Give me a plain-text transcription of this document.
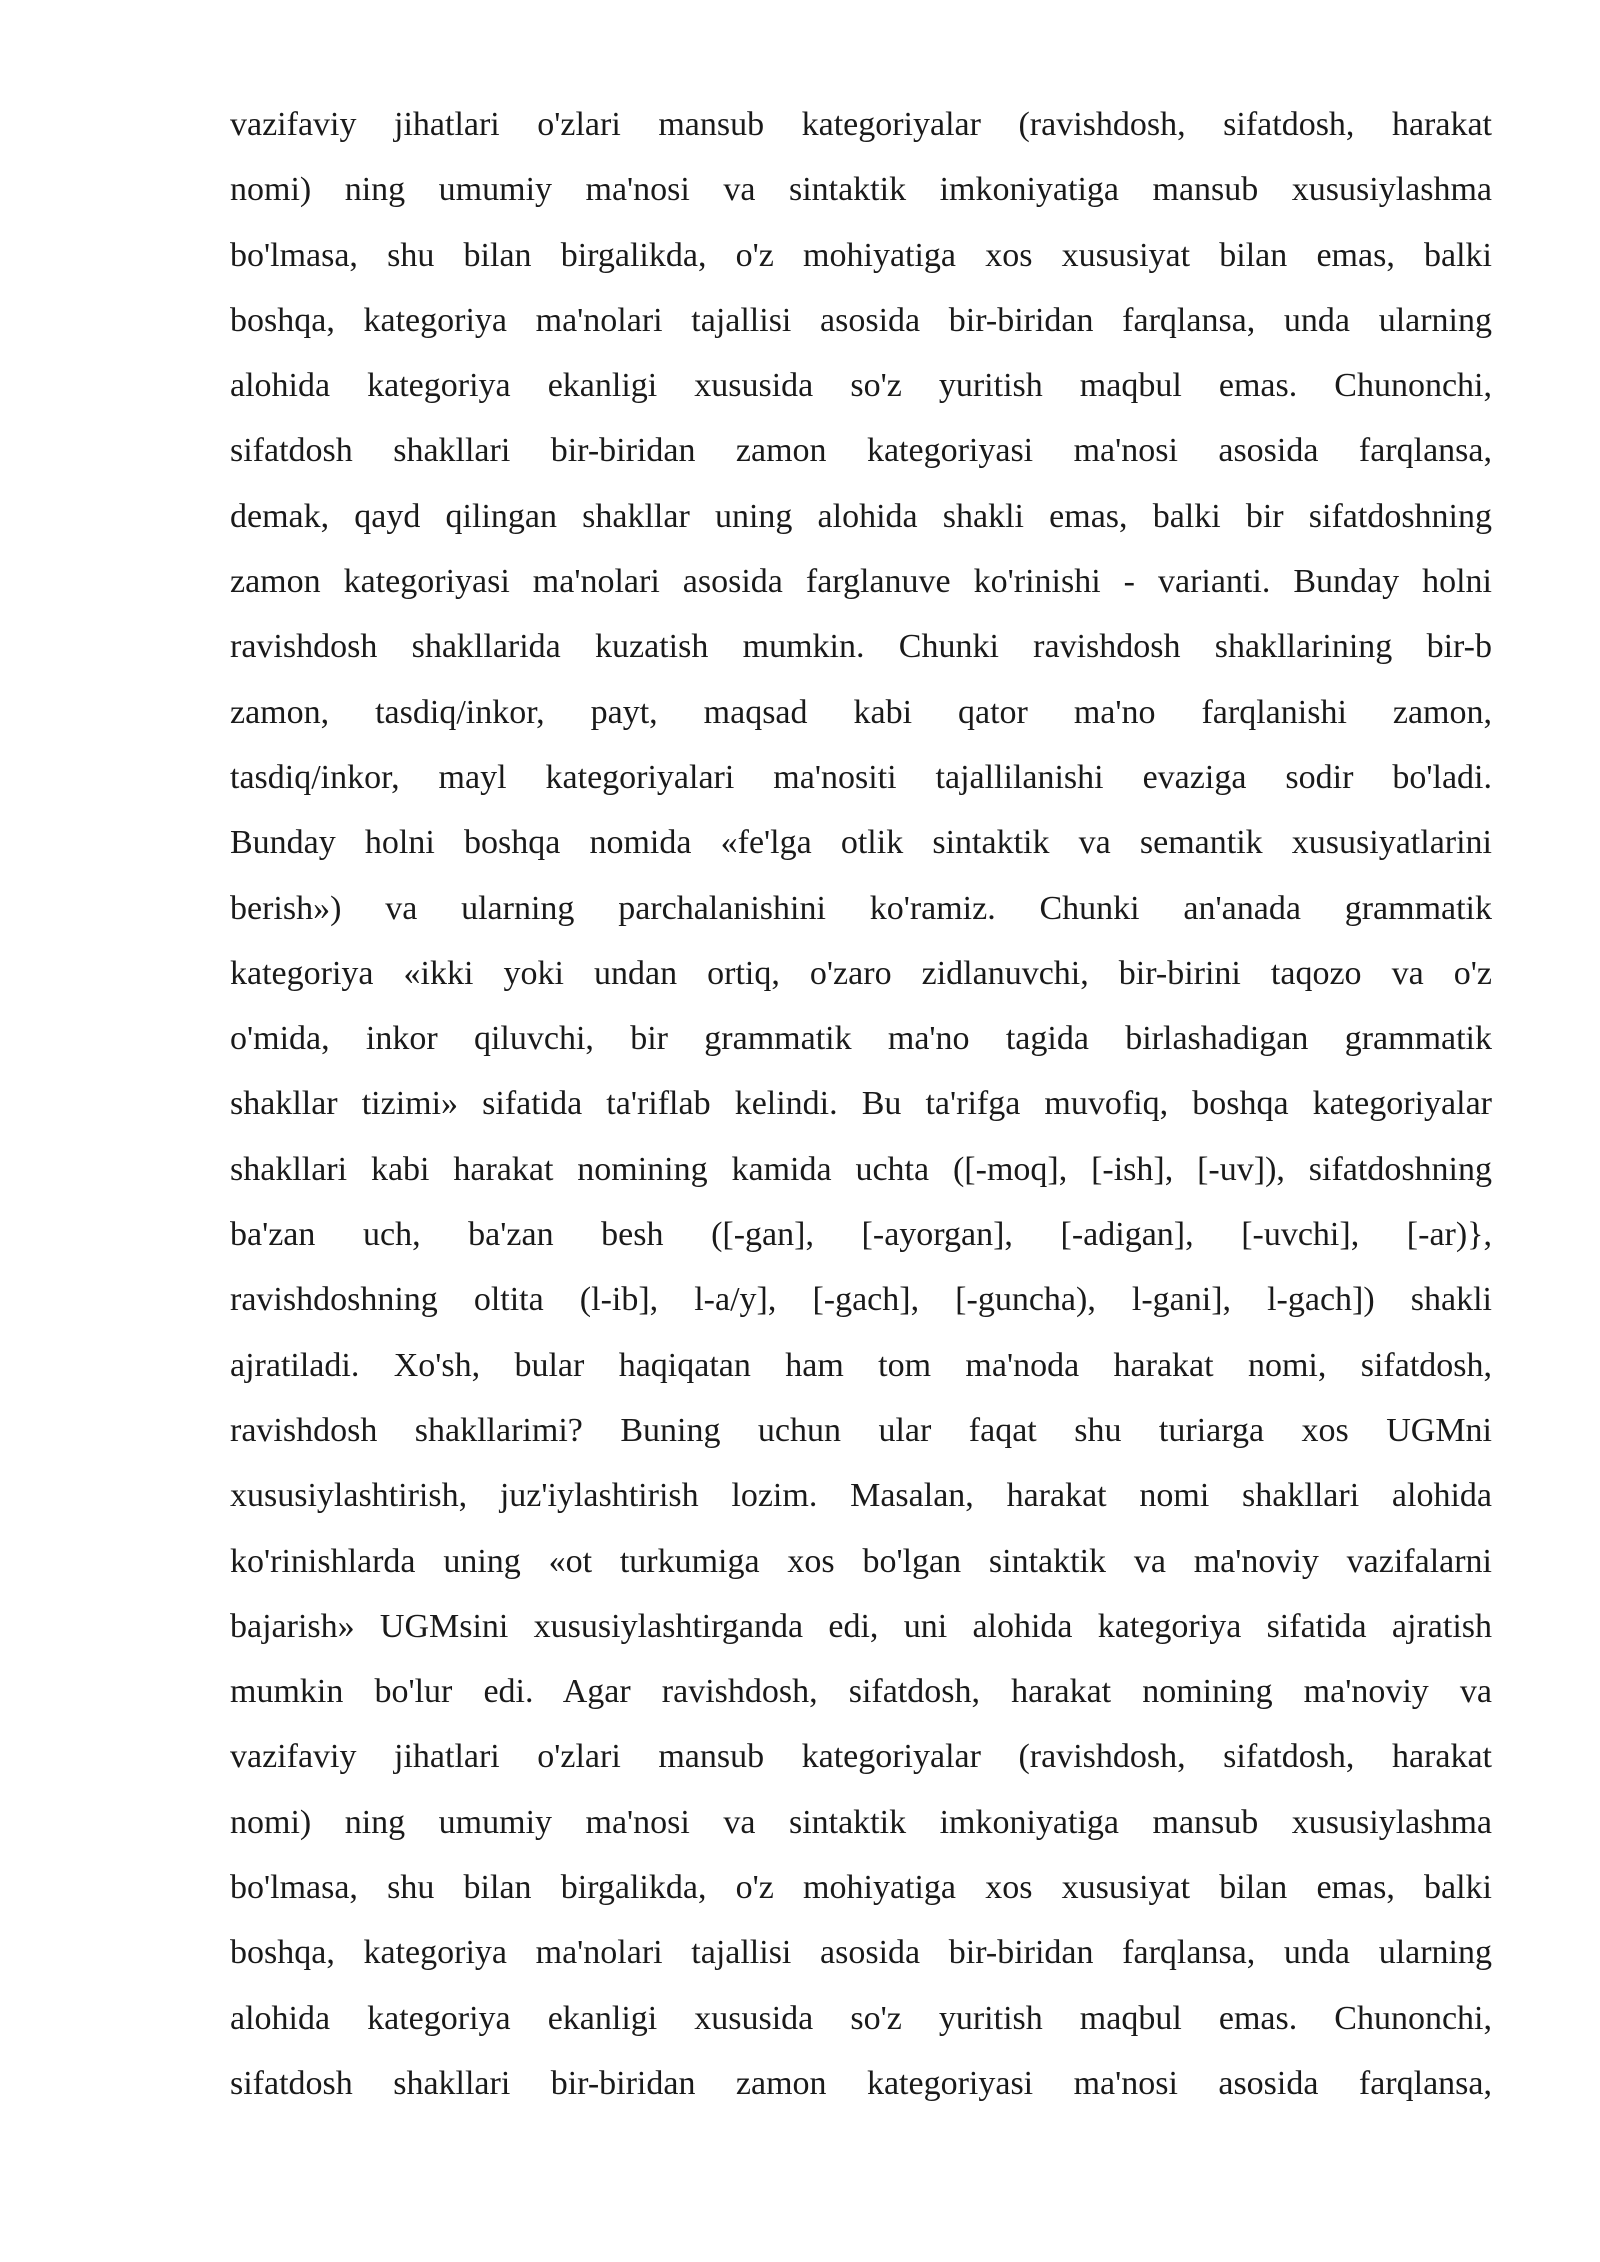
vazifaviy jihatlari o'zlari mansub kategoriyalar (ravishdosh, sifatdosh, harakat
nomi) ning umumiy ma'nosi va sintaktik imkoniyatiga mansub xususiylashma
bo'lmasa, shu bilan birgalikda, o'z mohiyatiga xos xususiyat bilan emas, balki
boshqa, kategoriya ma'nolari tajallisi asosida bir-biridan farqlansa, unda ularning
alohida kategoriya ekanligi xususida so'z yuritish maqbul emas. Chunonchi,
sifatdosh shakllari bir-biridan zamon kategoriyasi ma'nosi asosida farqlansa,
demak, qayd qilingan shakllar uning alohida shakli emas, balki bir sifatdoshning
zamon kategoriyasi ma'nolari asosida farglanuve ko'rinishi - varianti. Bunday holni
ravishdosh shakllarida kuzatish mumkin. Chunki ravishdosh shakllarining bir-b
zamon, tasdiq/inkor, payt, maqsad kabi qator ma'no farqlanishi zamon,
tasdiq/inkor, mayl kategoriyalari ma'nositi tajallilanishi evaziga sodir bo'ladi.
Bunday holni boshqa nomida «fe'lga otlik sintaktik va semantik xususiyatlarini
berish») va ularning parchalanishini ko'ramiz. Chunki an'anada grammatik
kategoriya «ikki yoki undan ortiq, o'zaro zidlanuvchi, bir-birini taqozo va o'z
o'mida, inkor qiluvchi, bir grammatik ma'no tagida birlashadigan grammatik
shakllar tizimi» sifatida ta'riflab kelindi. Bu ta'rifga muvofiq, boshqa kategoriyalar
shakllari kabi harakat nomining kamida uchta ([-moq], [-ish], [-uv]), sifatdoshning
ba'zan uch, ba'zan besh ([-gan], [-ayorgan], [-adigan], [-uvchi], [-ar)},
ravishdoshning oltita (l-ib], l-a/y], [-gach], [-guncha), l-gani], l-gach]) shakli
ajratiladi. Xo'sh, bular haqiqatan ham tom ma'noda harakat nomi, sifatdosh,
ravishdosh shakllarimi? Buning uchun ular faqat shu turiarga xos UGMni
xususiylashtirish, juz'iylashtirish lozim. Masalan, harakat nomi shakllari alohida
ko'rinishlarda uning «ot turkumiga xos bo'lgan sintaktik va ma'noviy vazifalarni
bajarish» UGMsini xususiylashtirganda edi, uni alohida kategoriya sifatida ajratish
mumkin bo'lur edi. Agar ravishdosh, sifatdosh, harakat nomining ma'noviy va
vazifaviy jihatlari o'zlari mansub kategoriyalar (ravishdosh, sifatdosh, harakat
nomi) ning umumiy ma'nosi va sintaktik imkoniyatiga mansub xususiylashma
bo'lmasa, shu bilan birgalikda, o'z mohiyatiga xos xususiyat bilan emas, balki
boshqa, kategoriya ma'nolari tajallisi asosida bir-biridan farqlansa, unda ularning
alohida kategoriya ekanligi xususida so'z yuritish maqbul emas. Chunonchi,
sifatdosh shakllari bir-biridan zamon kategoriyasi ma'nosi asosida farqlansa,
